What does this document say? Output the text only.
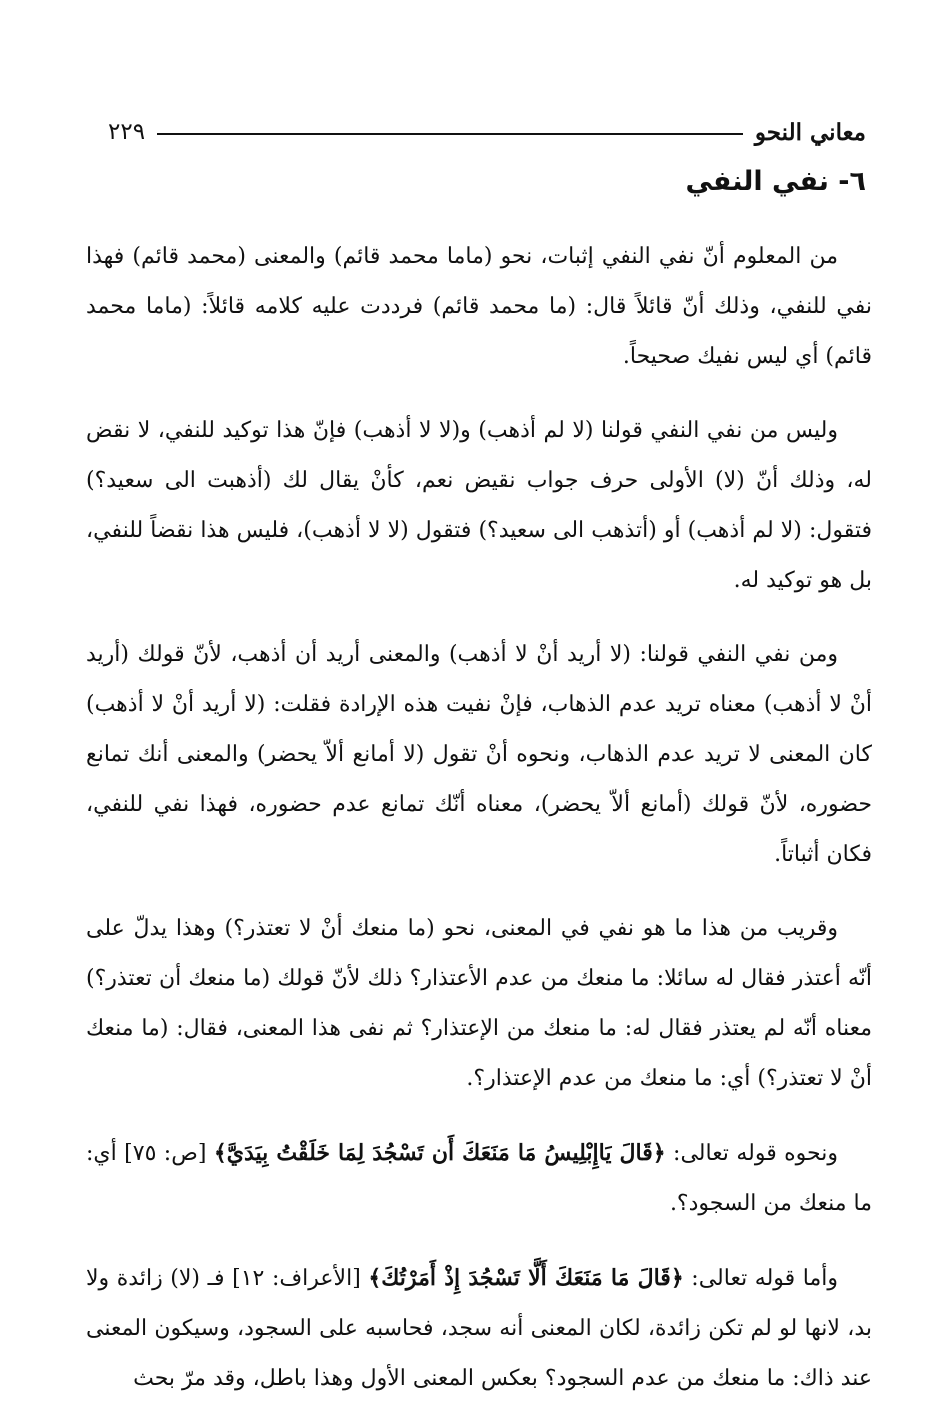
معاني النحو
٢٢٩
٦- نفي النفي

من المعلوم أنّ نفي النفي إثبات، نحو (ماما محمد قائم) والمعنى (محمد قائم) فهذا نفي للنفي، وذلك أنّ قائلاً قال: (ما محمد قائم) فرددت عليه كلامه قائلاً: (ماما محمد قائم) أي ليس نفيك صحيحاً.

وليس من نفي النفي قولنا (لا لم أذهب) و(لا لا أذهب) فإنّ هذا توكيد للنفي، لا نقض له، وذلك أنّ (لا) الأولى حرف جواب نقيض نعم، كأنْ يقال لك (أذهبت الى سعيد؟) فتقول: (لا لم أذهب) أو (أتذهب الى سعيد؟) فتقول (لا لا أذهب)، فليس هذا نقضاً للنفي، بل هو توكيد له.

ومن نفي النفي قولنا: (لا أريد أنْ لا أذهب) والمعنى أريد أن أذهب، لأنّ قولك (أريد أنْ لا أذهب) معناه تريد عدم الذهاب، فإنْ نفيت هذه الإرادة فقلت: (لا أريد أنْ لا أذهب) كان المعنى لا تريد عدم الذهاب، ونحوه أنْ تقول (لا أمانع ألاّ يحضر) والمعنى أنك تمانع حضوره، لأنّ قولك (أمانع ألاّ يحضر)، معناه أنّك تمانع عدم حضوره، فهذا نفي للنفي، فكان أثباتاً.

وقريب من هذا ما هو نفي في المعنى، نحو (ما منعك أنْ لا تعتذر؟) وهذا يدلّ على أنّه أعتذر فقال له سائلا: ما منعك من عدم الأعتذار؟ ذلك لأنّ قولك (ما منعك أن تعتذر؟) معناه أنّه لم يعتذر فقال له: ما منعك من الإعتذار؟ ثم نفى هذا المعنى، فقال: (ما منعك أنْ لا تعتذر؟) أي: ما منعك من عدم الإعتذار؟.

ونحوه قوله تعالى: ﴿قَالَ يَاإِبْلِيسُ مَا مَنَعَكَ أَن تَسْجُدَ لِمَا خَلَقْتُ بِيَدَيَّ﴾ [ص: ٧٥] أي: ما منعك من السجود؟.

وأما قوله تعالى: ﴿قَالَ مَا مَنَعَكَ أَلَّا تَسْجُدَ إِذْ أَمَرْتُكَ﴾ [الأعراف: ١٢] فـ (لا) زائدة ولا بد، لانها لو لم تكن زائدة، لكان المعنى أنه سجد، فحاسبه على السجود، وسيكون المعنى عند ذاك: ما منعك من عدم السجود؟ بعكس المعنى الأول وهذا باطل، وقد مرّ بحث
